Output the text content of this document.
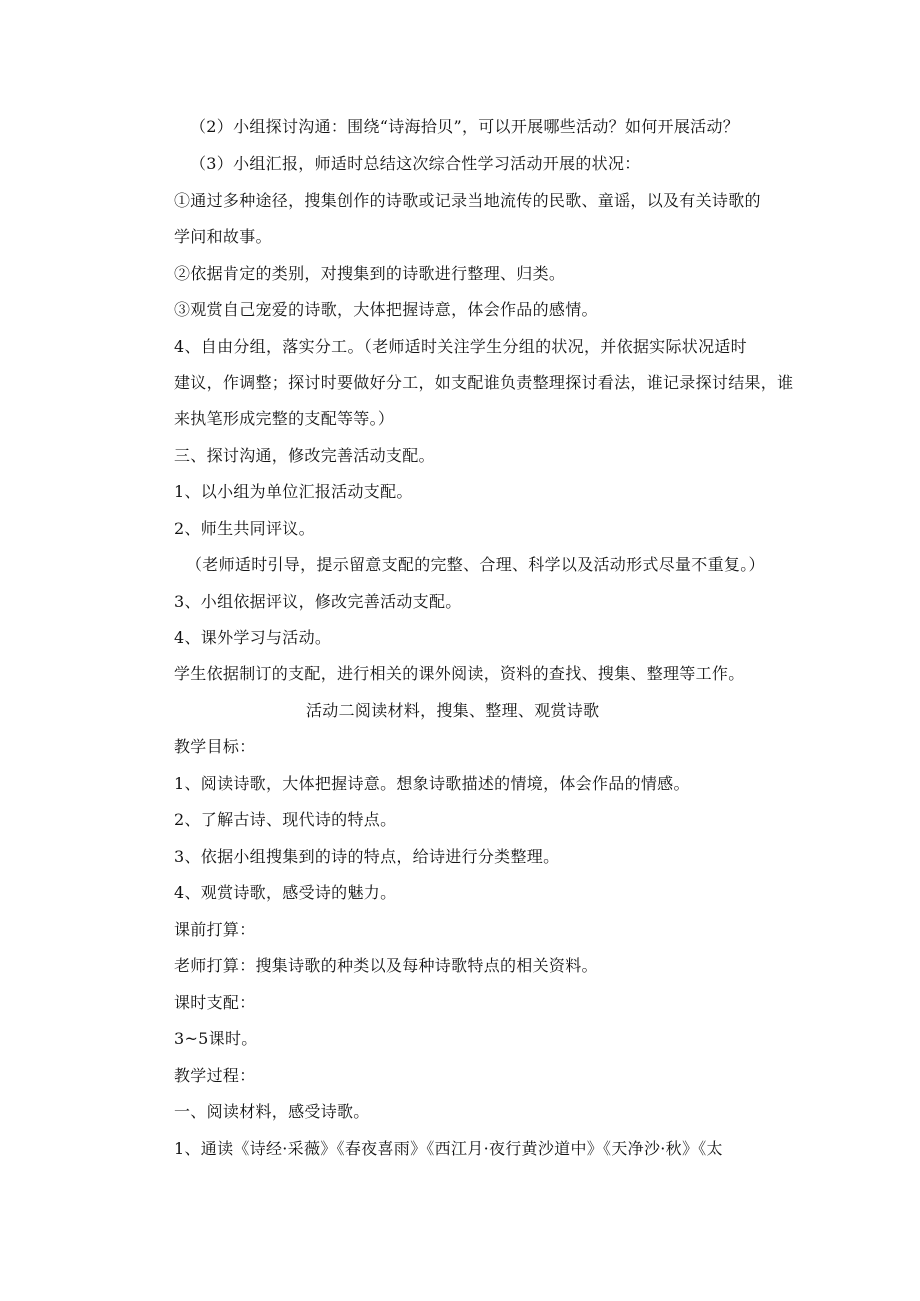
（2）小组探讨沟通：围绕“诗海拾贝”，可以开展哪些活动？如何开展活动？
（3）小组汇报，师适时总结这次综合性学习活动开展的状况：
①通过多种途径，搜集创作的诗歌或记录当地流传的民歌、童谣，以及有关诗歌的
学问和故事。
②依据肯定的类别，对搜集到的诗歌进行整理、归类。
③观赏自己宠爱的诗歌，大体把握诗意，体会作品的感情。
4、自由分组，落实分工。（老师适时关注学生分组的状况，并依据实际状况适时
建议，作调整；探讨时要做好分工，如支配谁负责整理探讨看法，谁记录探讨结果，谁
来执笔形成完整的支配等等。）
三、探讨沟通，修改完善活动支配。
1、以小组为单位汇报活动支配。
2、师生共同评议。
（老师适时引导，提示留意支配的完整、合理、科学以及活动形式尽量不重复。）
3、小组依据评议，修改完善活动支配。
4、课外学习与活动。
学生依据制订的支配，进行相关的课外阅读，资料的查找、搜集、整理等工作。
活动二阅读材料，搜集、整理、观赏诗歌
教学目标：
1、阅读诗歌，大体把握诗意。想象诗歌描述的情境，体会作品的情感。
2、了解古诗、现代诗的特点。
3、依据小组搜集到的诗的特点，给诗进行分类整理。
4、观赏诗歌，感受诗的魅力。
课前打算：
老师打算：搜集诗歌的种类以及每种诗歌特点的相关资料。
课时支配：
3~5课时。
教学过程：
一、阅读材料，感受诗歌。
1、通读《诗经·采薇》《春夜喜雨》《西江月·夜行黄沙道中》《天净沙·秋》《太
